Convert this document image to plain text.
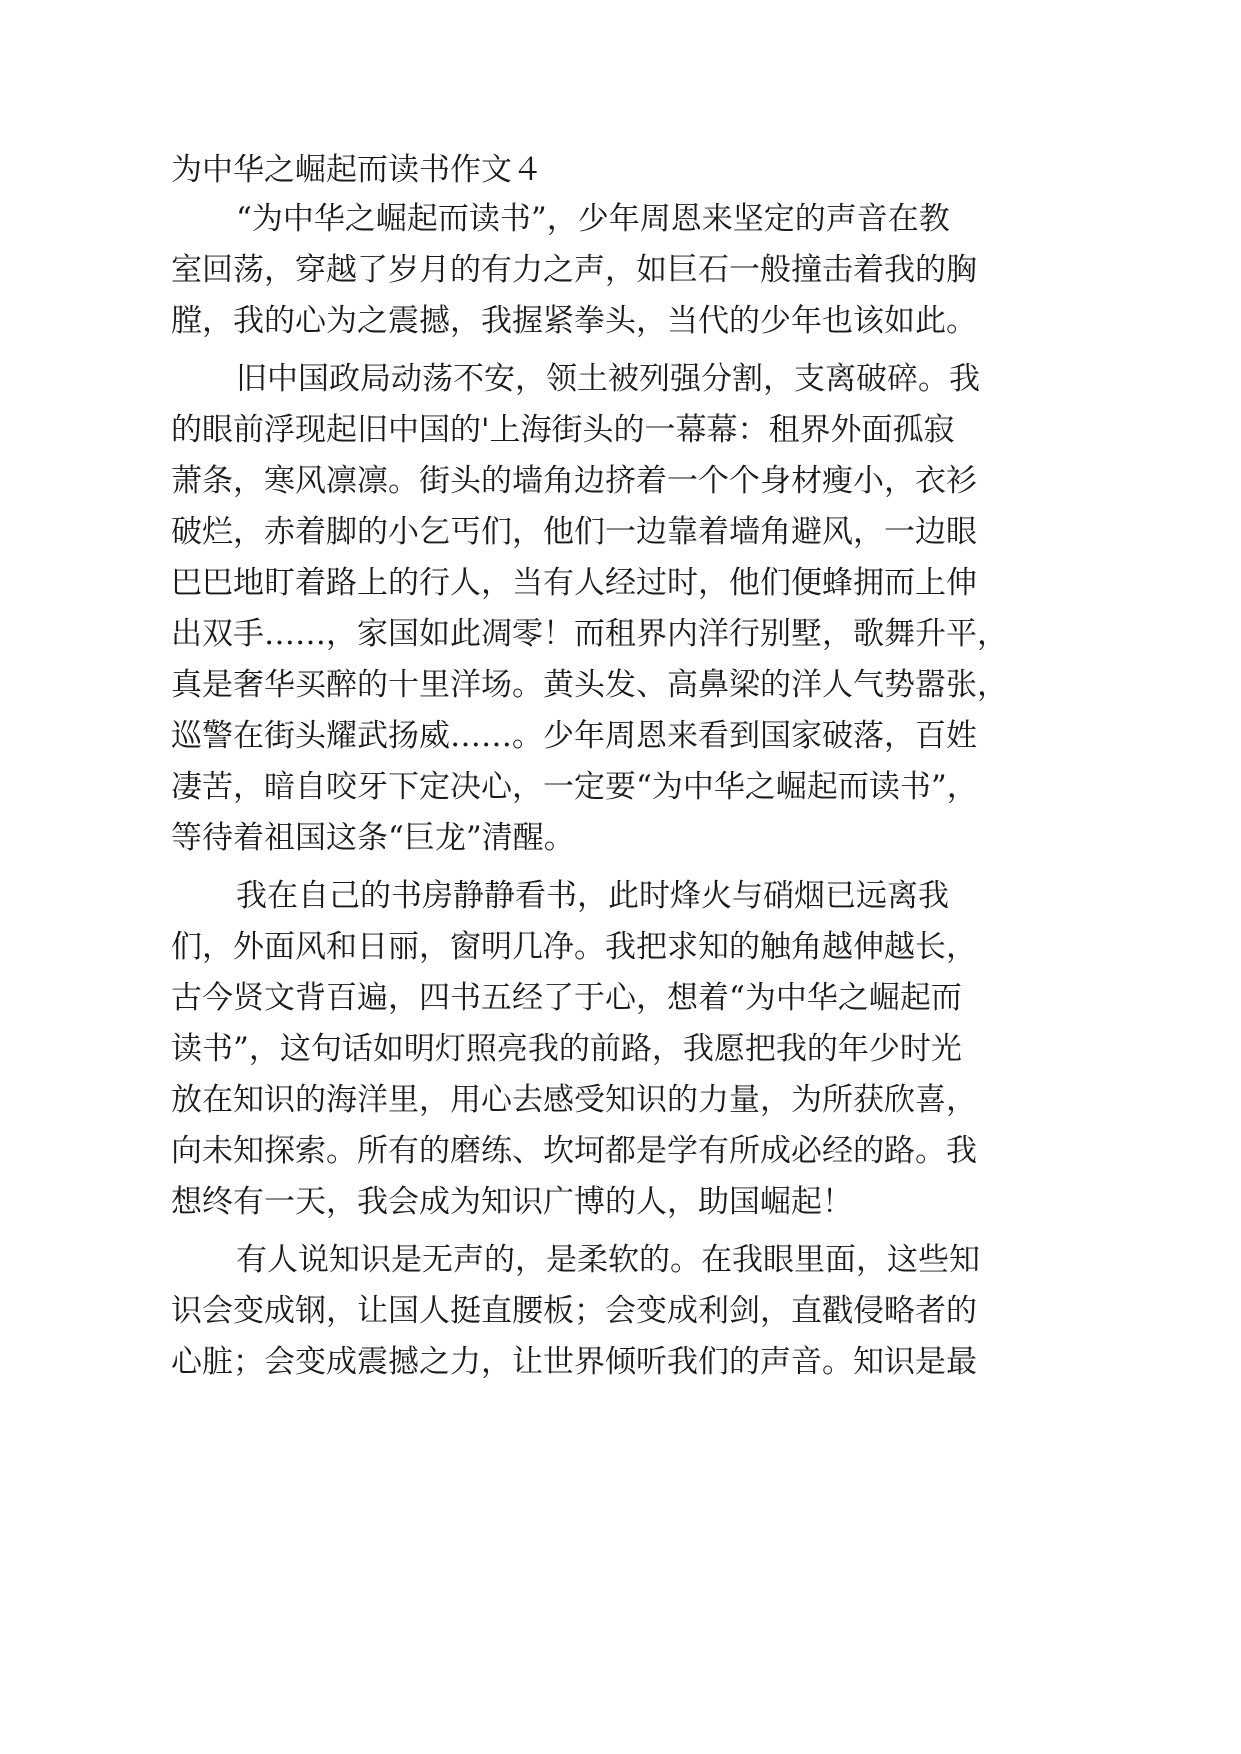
为中华之崛起而读书作文４
“为中华之崛起而读书”，少年周恩来坚定的声音在教
室回荡，穿越了岁月的有力之声，如巨石一般撞击着我的胸
膛，我的心为之震撼，我握紧拳头，当代的少年也该如此。
旧中国政局动荡不安，领土被列强分割，支离破碎。我
的眼前浮现起旧中国的'上海街头的一幕幕：租界外面孤寂
萧条，寒风凛凛。街头的墙角边挤着一个个身材瘦小，衣衫
破烂，赤着脚的小乞丐们，他们一边靠着墙角避风，一边眼
巴巴地盯着路上的行人，当有人经过时，他们便蜂拥而上伸
出双手……，家国如此凋零！而租界内洋行别墅，歌舞升平，
真是奢华买醉的十里洋场。黄头发、高鼻梁的洋人气势嚣张，
巡警在街头耀武扬威……。少年周恩来看到国家破落，百姓
凄苦，暗自咬牙下定决心，一定要“为中华之崛起而读书”，
等待着祖国这条“巨龙”清醒。
我在自己的书房静静看书，此时烽火与硝烟已远离我
们，外面风和日丽，窗明几净。我把求知的触角越伸越长，
古今贤文背百遍，四书五经了于心，想着“为中华之崛起而
读书”，这句话如明灯照亮我的前路，我愿把我的年少时光
放在知识的海洋里，用心去感受知识的力量，为所获欣喜，
向未知探索。所有的磨练、坎坷都是学有所成必经的路。我
想终有一天，我会成为知识广博的人，助国崛起！
有人说知识是无声的，是柔软的。在我眼里面，这些知
识会变成钢，让国人挺直腰板；会变成利剑，直戳侵略者的
心脏；会变成震撼之力，让世界倾听我们的声音。知识是最
